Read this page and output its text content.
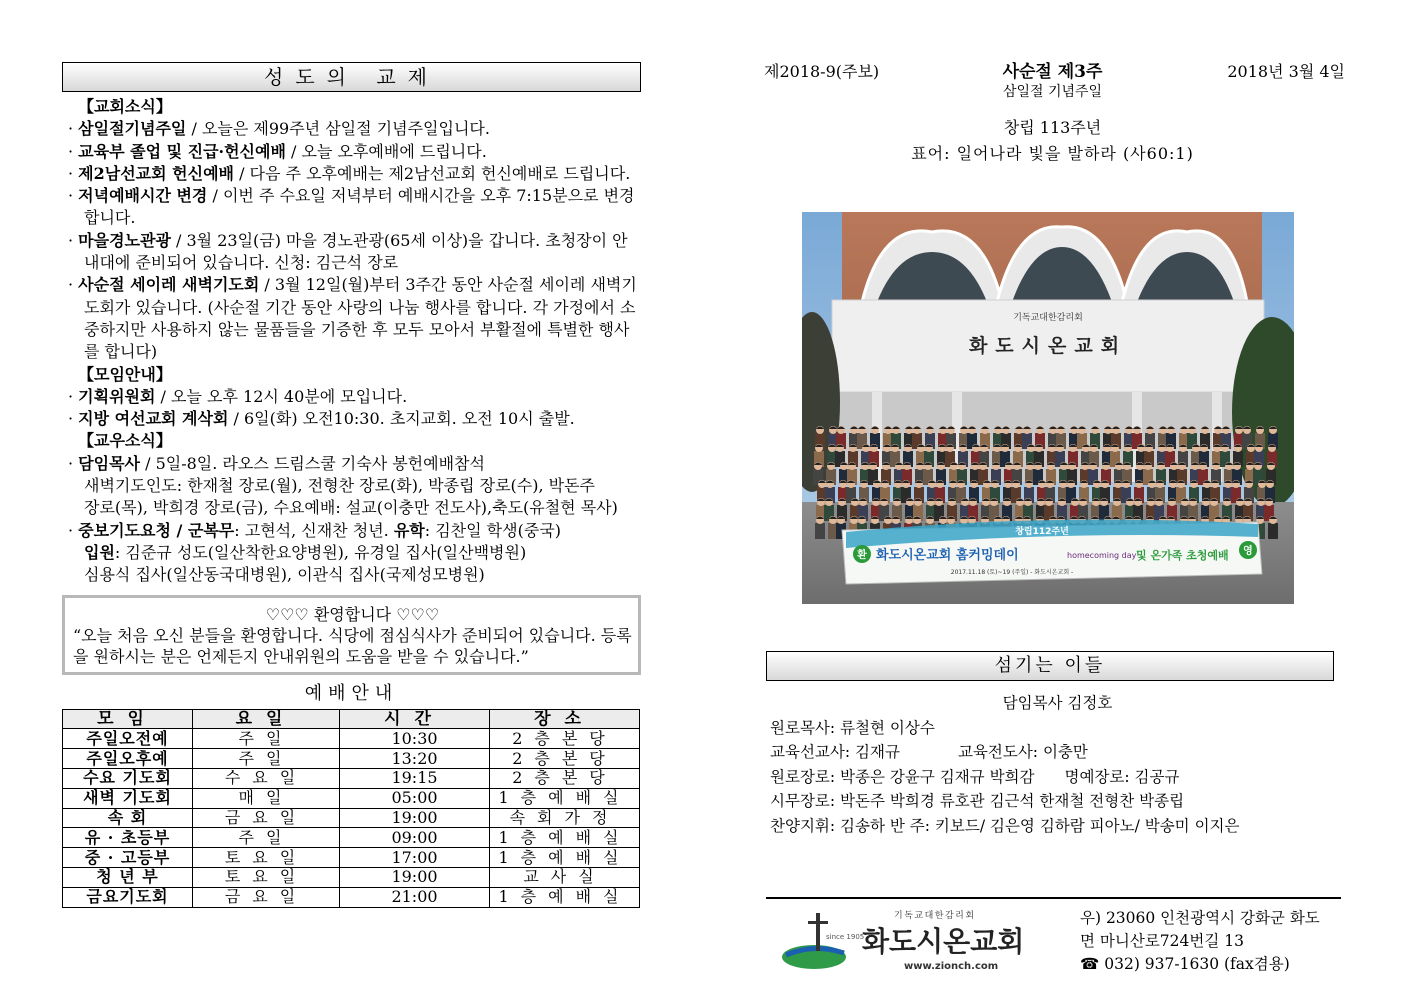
성도의 교제
【교회소식】
· 삼일절기념주일 / 오늘은 제99주년 삼일절 기념주일입니다.
· 교육부 졸업 및 진급·헌신예배 / 오늘 오후예배에 드립니다.
· 제2남선교회 헌신예배 / 다음 주 오후예배는 제2남선교회 헌신예배로 드립니다.
· 저녁예배시간 변경 / 이번 주 수요일 저녁부터 예배시간을 오후 7:15분으로 변경합니다.
· 마을경노관광 / 3월 23일(금) 마을 경노관광(65세 이상)을 갑니다. 초청장이 안내대에 준비되어 있습니다. 신청: 김근석 장로
· 사순절 세이레 새벽기도회 / 3월 12일(월)부터 3주간 동안 사순절 세이레 새벽기도회가 있습니다. (사순절 기간 동안 사랑의 나눔 행사를 합니다. 각 가정에서 소중하지만 사용하지 않는 물품들을 기증한 후 모두 모아서 부활절에 특별한 행사를 합니다)
【모임안내】
· 기획위원회 / 오늘 오후 12시 40분에 모입니다.
· 지방 여선교회 계삭회 / 6일(화) 오전10:30. 초지교회. 오전 10시 출발.
【교우소식】
· 담임목사 / 5일-8일. 라오스 드림스쿨 기숙사 봉헌예배참석
새벽기도인도: 한재철 장로(월), 전형찬 장로(화), 박종립 장로(수), 박돈주
장로(목), 박희경 장로(금), 수요예배: 설교(이충만 전도사),축도(유철현 목사)
· 중보기도요청 / 군복무: 고현석, 신재찬 청년. 유학: 김찬일 학생(중국)
입원: 김준규 성도(일산착한요양병원), 유경일 집사(일산백병원)
심용식 집사(일산동국대병원), 이관식 집사(국제성모병원)
♡♡♡ 환영합니다 ♡♡♡
“오늘 처음 오신 분들을 환영합니다. 식당에 점심식사가 준비되어 있습니다. 등록을 원하시는 분은 언제든지 안내위원의 도움을 받을 수 있습니다.”
예배안내
모임	요일	시간	장소
주일오전예	주일	10:30	2층본당
주일오후예	주일	13:20	2층본당
수요 기도회	수요일	19:15	2층본당
새벽 기도회	매일	05:00	1층예배실
속 회	금요일	19:00	속회가정
유 · 초등부	주일	09:00	1층예배실
중 · 고등부	토요일	17:00	1층예배실
청 년 부	토요일	19:00	교사실
금요기도회	금요일	21:00	1층예배실
제2018-9(주보)	사순절 제3주	2018년 3월 4일
삼일절 기념주일
창립 113주년
표어: 일어나라 빛을 발하라 (사60:1)
기독교대한감리회
화도시온교회
창립112주년
환 화도시온교회 홈커밍데이	homecoming day 및 온가족 초청예배 영
2017.11.18 (토)~19 (주일) - 화도시온교회 -
섬기는 이들
담임목사 김정호
원로목사: 류철현 이상수
교육선교사: 김재규	교육전도사: 이충만
원로장로: 박종은 강윤구 김재규 박희감 명예장로: 김공규
시무장로: 박돈주 박희경 류호관 김근석 한재철 전형찬 박종립
찬양지휘: 김송하 반 주: 키보드/ 김은영 김하람 피아노/ 박송미 이지은
since 1905
기독교대한감리회
화도시온교회
www.zionch.com
우) 23060 인천광역시 강화군 화도
면 마니산로724번길 13
☎ 032) 937-1630 (fax겸용)
